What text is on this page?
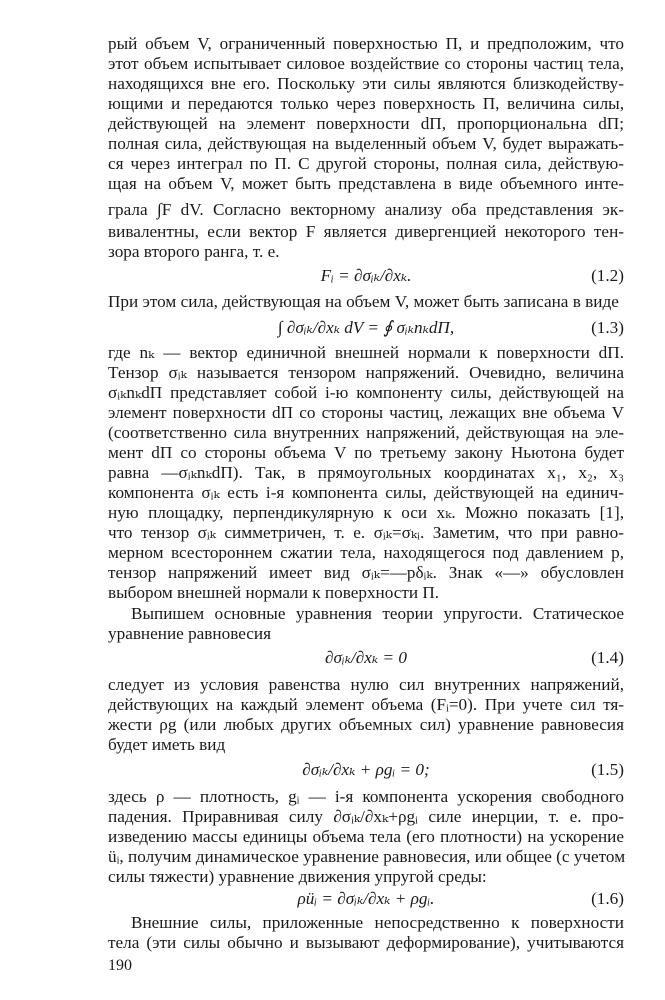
рый объем V, ограниченный поверхностью Π, и предположим, что
этот объем испытывает силовое воздействие со стороны частиц тела,
находящихся вне его. Поскольку эти силы являются близкодейству-
ющими и передаются только через поверхность Π, величина силы,
действующей на элемент поверхности dΠ, пропорциональна dΠ;
полная сила, действующая на выделенный объем V, будет выражать-
ся через интеграл по Π. С другой стороны, полная сила, действую-
щая на объем V, может быть представлена в виде объемного инте-
грала ∫F dV. Согласно векторному анализу оба представления эк-
вивалентны, если вектор F является дивергенцией некоторого тен-
зора второго ранга, т. е.
Fᵢ = ∂σᵢₖ/∂xₖ.	(1.2)
При этом сила, действующая на объем V, может быть записана в виде
∫ ∂σᵢₖ/∂xₖ dV = ∮ σᵢₖnₖdΠ,	(1.3)
где nₖ — вектор единичной внешней нормали к поверхности dΠ.
Тензор σᵢₖ называется тензором напряжений. Очевидно, величина
σᵢₖnₖdΠ представляет собой i-ю компоненту силы, действующей на
элемент поверхности dΠ со стороны частиц, лежащих вне объема V
(соответственно сила внутренних напряжений, действующая на эле-
мент dΠ со стороны объема V по третьему закону Ньютона будет
равна —σᵢₖnₖdΠ). Так, в прямоугольных координатах x₁, x₂, x₃
компонента σᵢₖ есть i-я компонента силы, действующей на единич-
ную площадку, перпендикулярную к оси xₖ. Можно показать [1],
что тензор σᵢₖ симметричен, т. е. σᵢₖ=σₖᵢ. Заметим, что при равно-
мерном всестороннем сжатии тела, находящегося под давлением p,
тензор напряжений имеет вид σᵢₖ=—pδᵢₖ. Знак «—» обусловлен
выбором внешней нормали к поверхности Π.
Выпишем основные уравнения теории упругости. Статическое
уравнение равновесия
∂σᵢₖ/∂xₖ = 0	(1.4)
следует из условия равенства нулю сил внутренних напряжений,
действующих на каждый элемент объема (Fᵢ=0). При учете сил тя-
жести ρg (или любых других объемных сил) уравнение равновесия
будет иметь вид
∂σᵢₖ/∂xₖ + ρgᵢ = 0;	(1.5)
здесь ρ — плотность, gᵢ — i-я компонента ускорения свободного
падения. Приравнивая силу ∂σᵢₖ/∂xₖ+ρgᵢ силе инерции, т. е. про-
изведению массы единицы объема тела (его плотности) на ускорение
üᵢ, получим динамическое уравнение равновесия, или общее (с учетом
силы тяжести) уравнение движения упругой среды:
ρüᵢ = ∂σᵢₖ/∂xₖ + ρgᵢ.	(1.6)
Внешние силы, приложенные непосредственно к поверхности
тела (эти силы обычно и вызывают деформирование), учитываются
190
